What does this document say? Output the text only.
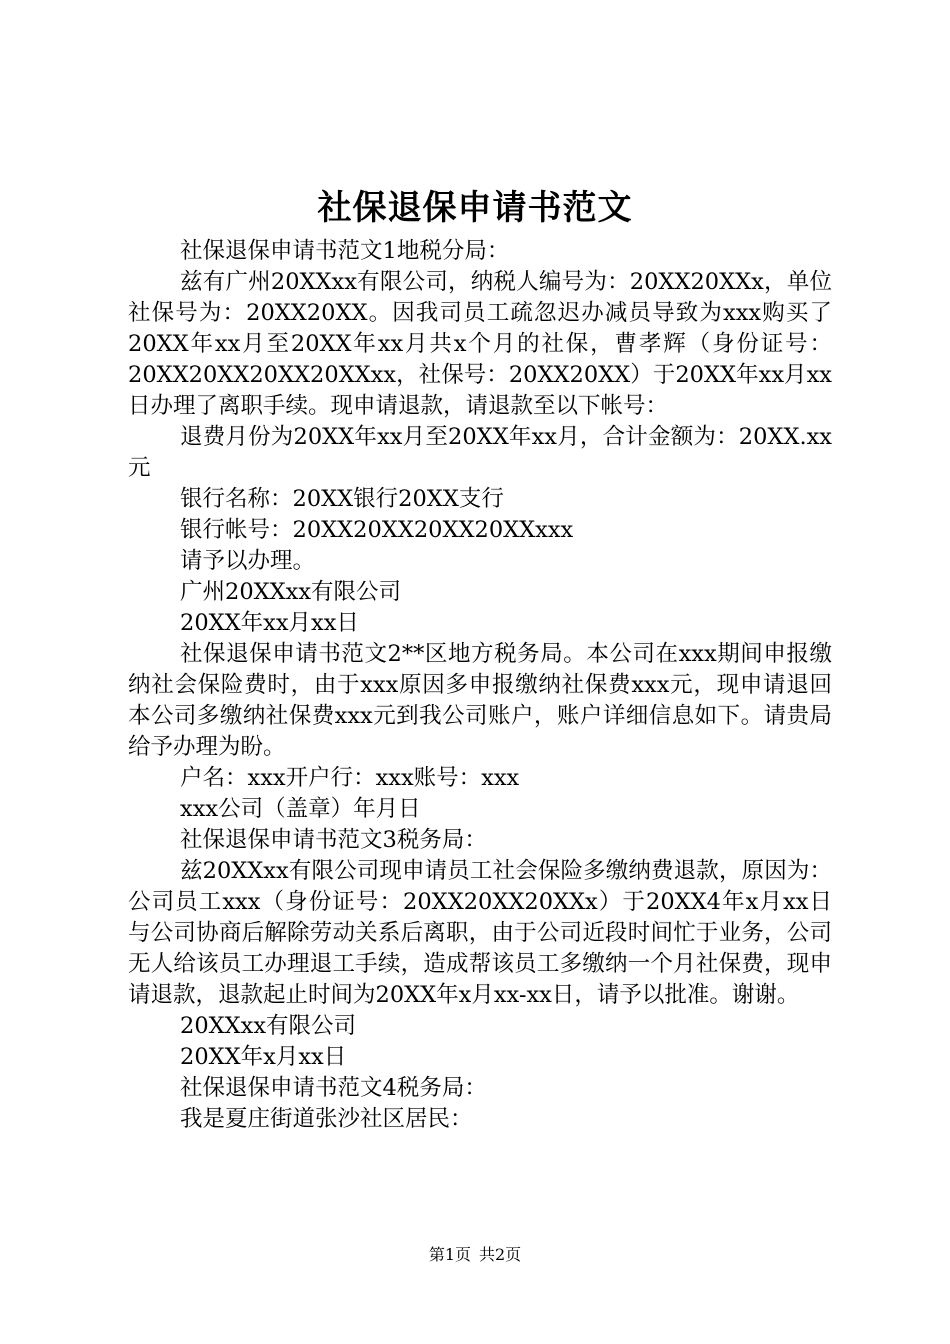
社保退保申请书范文

社保退保申请书范文1地税分局：

兹有广州20XXxx有限公司，纳税人编号为：20XX20XXx，单位社保号为：20XX20XX。因我司员工疏忽迟办减员导致为xxx购买了20XX年xx月至20XX年xx月共x个月的社保，曹孝辉（身份证号：20XX20XX20XX20XXxx，社保号：20XX20XX）于20XX年xx月xx日办理了离职手续。现申请退款，请退款至以下帐号：

退费月份为20XX年xx月至20XX年xx月，合计金额为：20XX.xx元

银行名称：20XX银行20XX支行

银行帐号：20XX20XX20XX20XXxxx

请予以办理。

广州20XXxx有限公司

20XX年xx月xx日

社保退保申请书范文2**区地方税务局。本公司在xxx期间申报缴纳社会保险费时，由于xxx原因多申报缴纳社保费xxx元，现申请退回本公司多缴纳社保费xxx元到我公司账户，账户详细信息如下。请贵局给予办理为盼。

户名：xxx开户行：xxx账号：xxx

xxx公司（盖章）年月日

社保退保申请书范文3税务局：

兹20XXxx有限公司现申请员工社会保险多缴纳费退款，原因为：公司员工xxx（身份证号：20XX20XX20XXx）于20XX4年x月xx日与公司协商后解除劳动关系后离职，由于公司近段时间忙于业务，公司无人给该员工办理退工手续，造成帮该员工多缴纳一个月社保费，现申请退款，退款起止时间为20XX年x月xx-xx日，请予以批准。谢谢。

20XXxx有限公司

20XX年x月xx日

社保退保申请书范文4税务局：

我是夏庄街道张沙社区居民：

第1页 共2页
